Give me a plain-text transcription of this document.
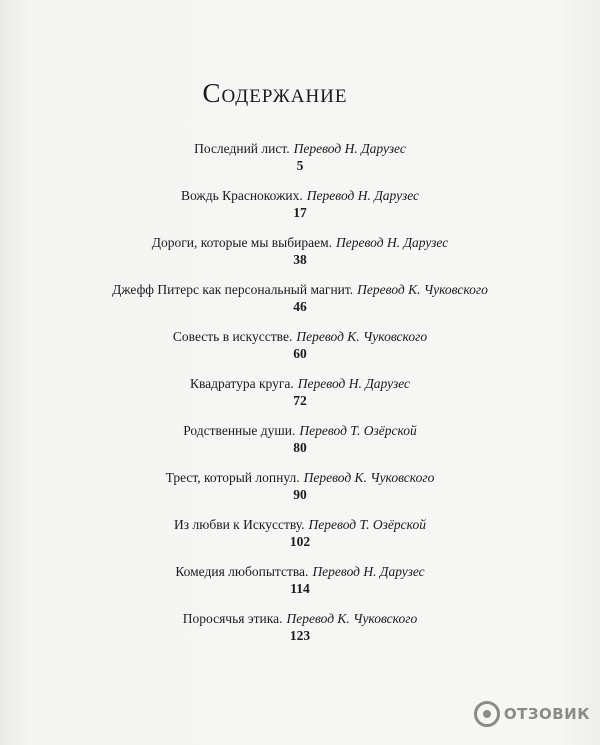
Содержание
Последний лист. Перевод Н. Дарузес
5
Вождь Краснокожих. Перевод Н. Дарузес
17
Дороги, которые мы выбираем. Перевод Н. Дарузес
38
Джефф Питерс как персональный магнит. Перевод К. Чуковского
46
Совесть в искусстве. Перевод К. Чуковского
60
Квадратура круга. Перевод Н. Дарузес
72
Родственные души. Перевод Т. Озёрской
80
Трест, который лопнул. Перевод К. Чуковского
90
Из любви к Искусству. Перевод Т. Озёрской
102
Комедия любопытства. Перевод Н. Дарузес
114
Поросячья этика. Перевод К. Чуковского
123
ОТЗОВИК
